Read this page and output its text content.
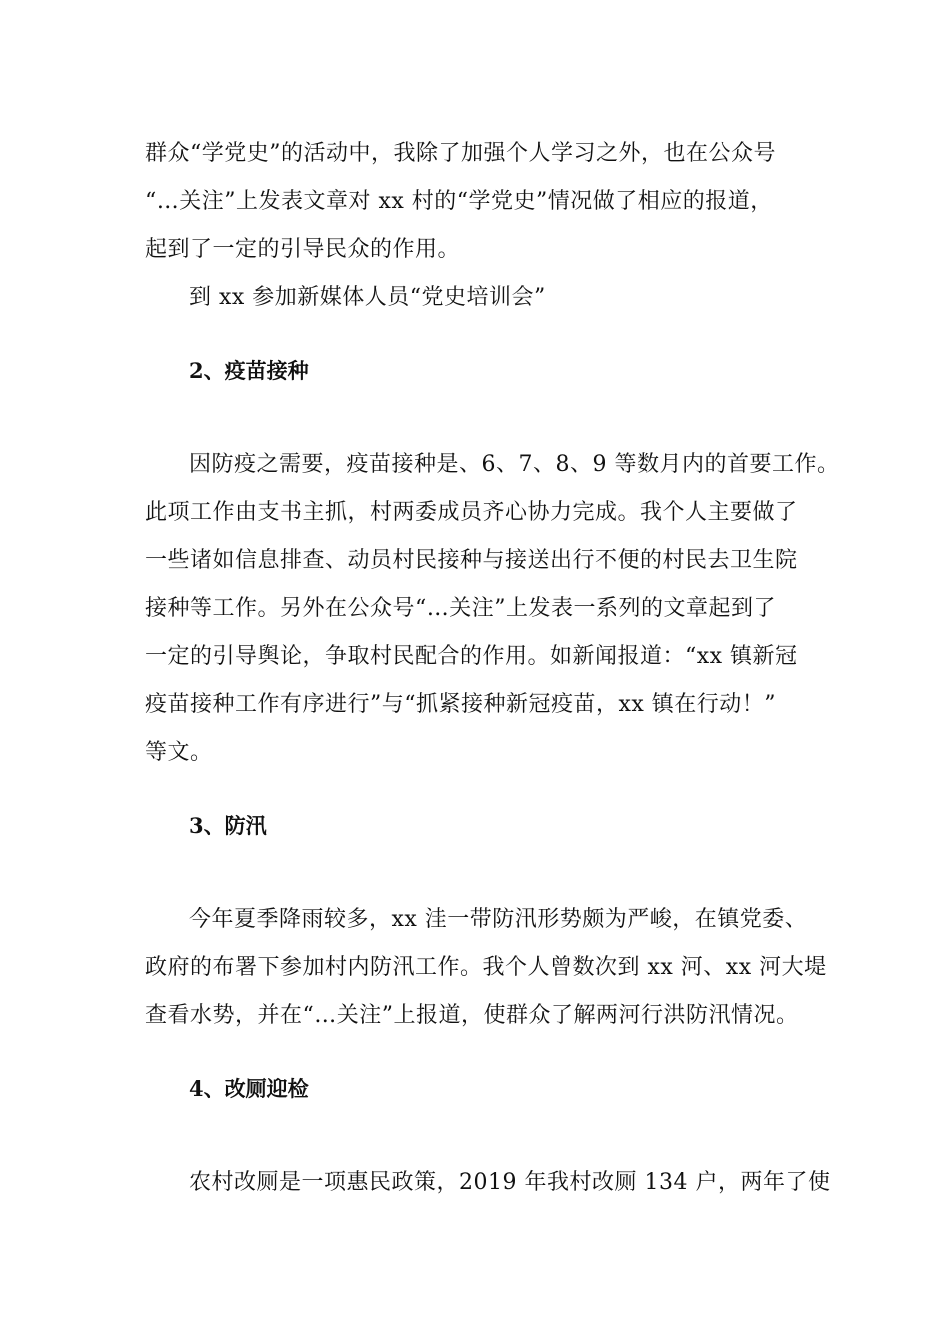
群众“学党史”的活动中，我除了加强个人学习之外，也在公众号
“…关注”上发表文章对 xx 村的“学党史”情况做了相应的报道，
起到了一定的引导民众的作用。
到 xx 参加新媒体人员“党史培训会”
2、疫苗接种
因防疫之需要，疫苗接种是、6、7、8、9 等数月内的首要工作。
此项工作由支书主抓，村两委成员齐心协力完成。我个人主要做了
一些诸如信息排查、动员村民接种与接送出行不便的村民去卫生院
接种等工作。另外在公众号“…关注”上发表一系列的文章起到了
一定的引导舆论，争取村民配合的作用。如新闻报道：“xx 镇新冠
疫苗接种工作有序进行”与“抓紧接种新冠疫苗，xx 镇在行动！”
等文。
3、防汛
今年夏季降雨较多，xx 洼一带防汛形势颇为严峻，在镇党委、
政府的布署下参加村内防汛工作。我个人曾数次到 xx 河、xx 河大堤
查看水势，并在“…关注”上报道，使群众了解两河行洪防汛情况。
4、改厕迎检
农村改厕是一项惠民政策，2019 年我村改厕 134 户，两年了使
